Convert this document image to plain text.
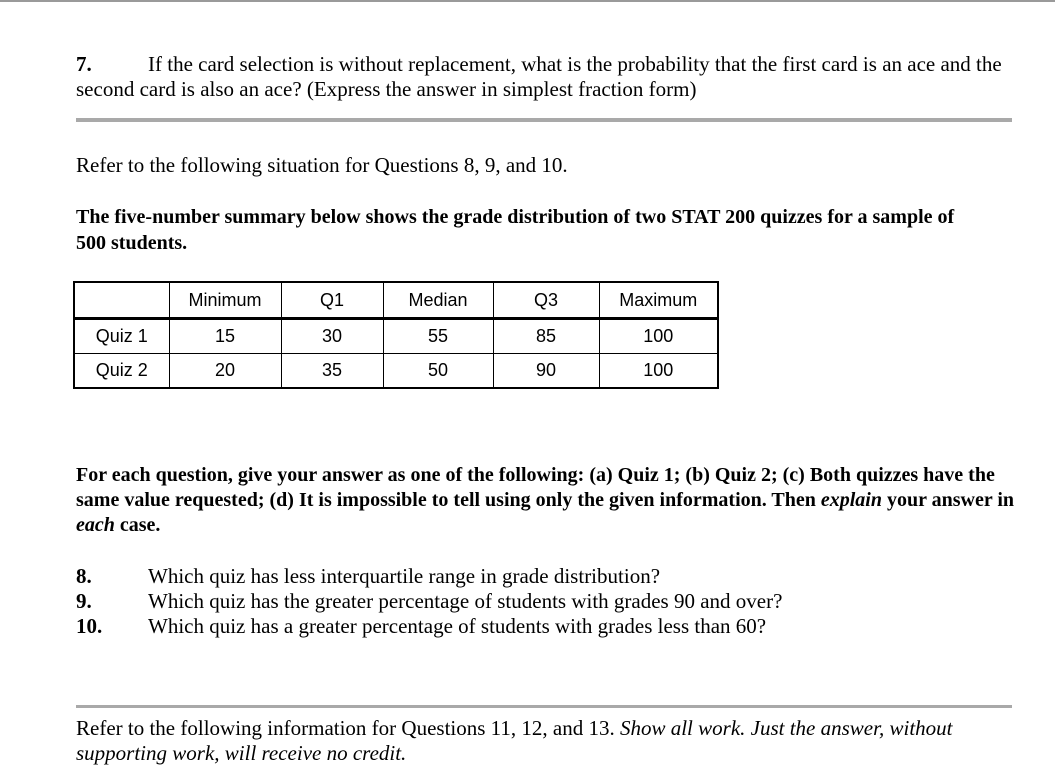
7.	If the card selection is without replacement, what is the probability that the first card is an ace and the second card is also an ace? (Express the answer in simplest fraction form)
Refer to the following situation for Questions 8, 9, and 10.
The five-number summary below shows the grade distribution of two STAT 200 quizzes for a sample of 500 students.
	Minimum	Q1	Median	Q3	Maximum
Quiz 1	15	30	55	85	100
Quiz 2	20	35	50	90	100
For each question, give your answer as one of the following: (a) Quiz 1; (b) Quiz 2; (c) Both quizzes have the same value requested; (d) It is impossible to tell using only the given information. Then explain your answer in each case.
8.	Which quiz has less interquartile range in grade distribution?
9.	Which quiz has the greater percentage of students with grades 90 and over?
10.	Which quiz has a greater percentage of students with grades less than 60?
Refer to the following information for Questions 11, 12, and 13. Show all work. Just the answer, without supporting work, will receive no credit.
